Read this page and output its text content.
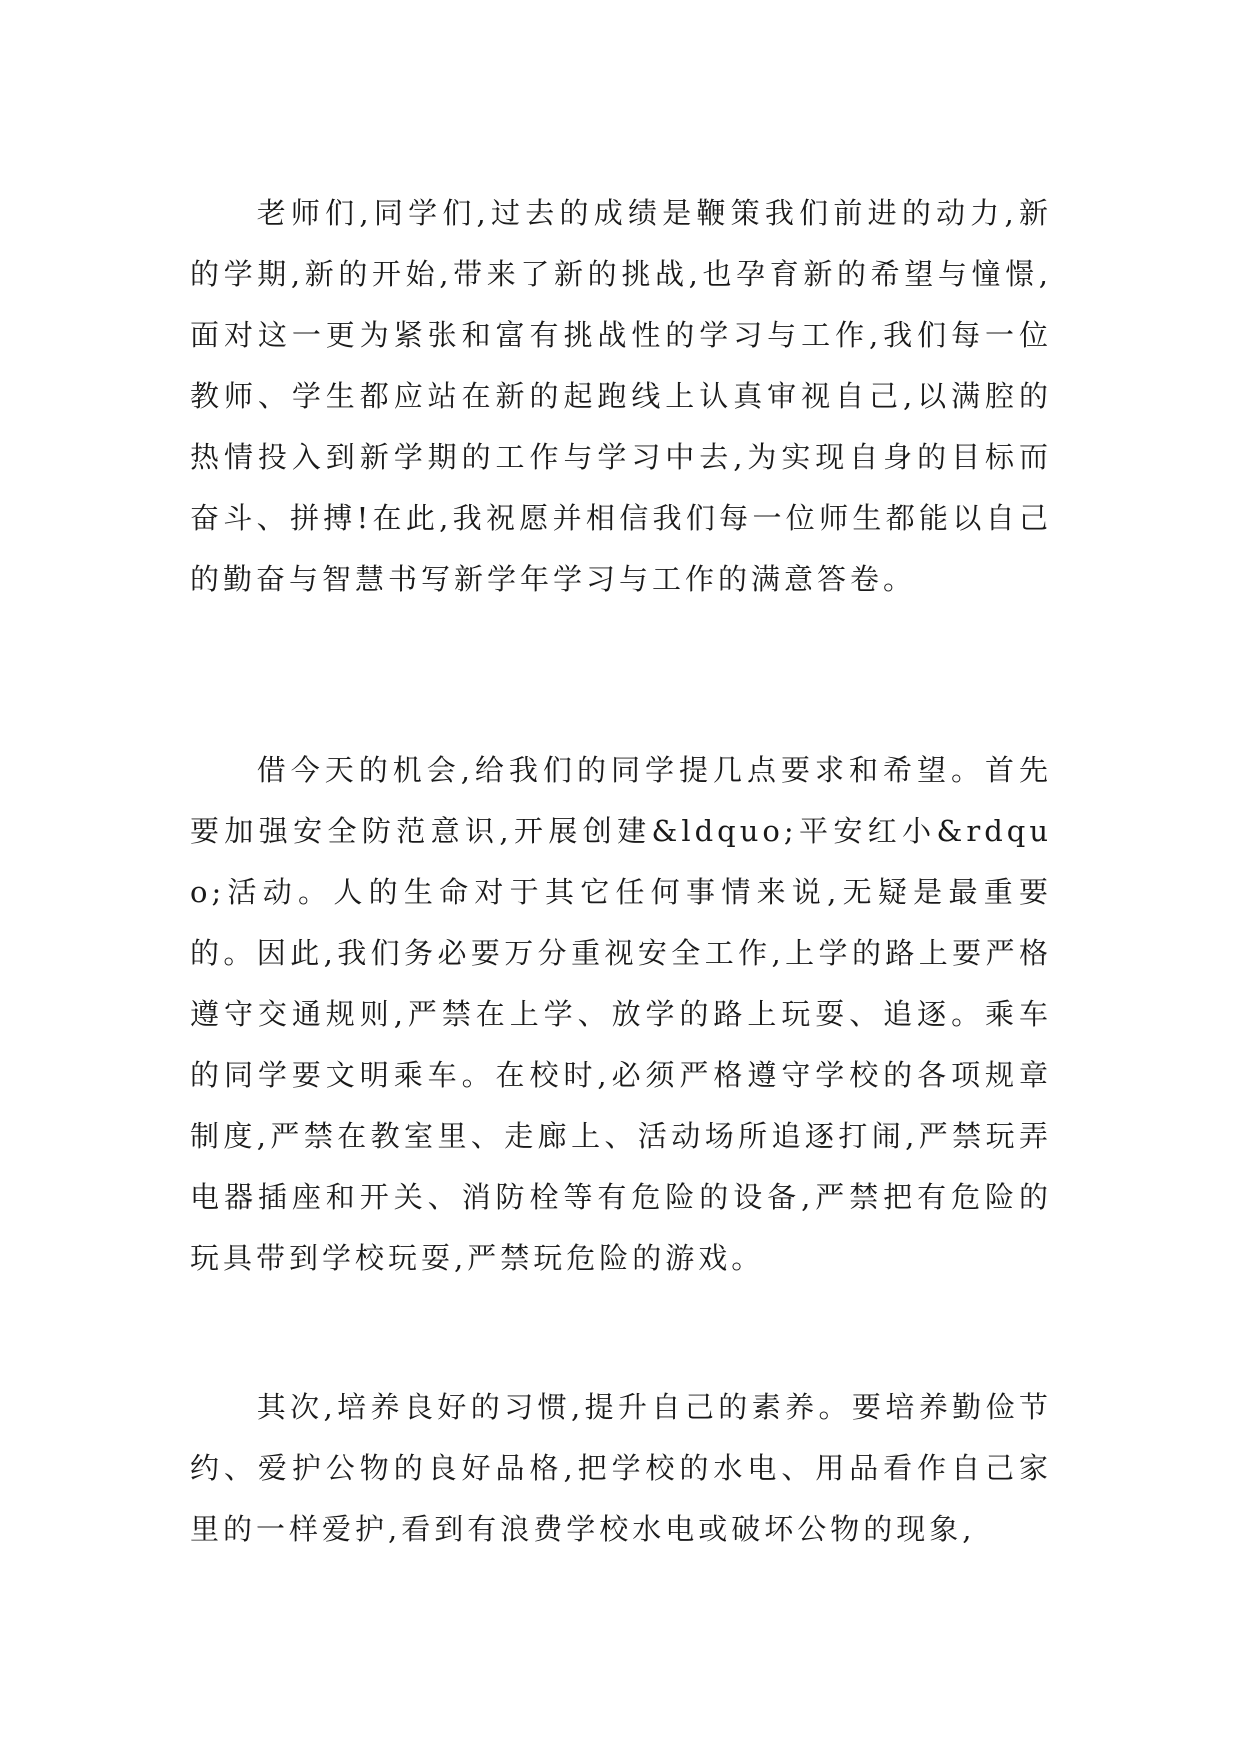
老师们,同学们,过去的成绩是鞭策我们前进的动力,新的学期,新的开始,带来了新的挑战,也孕育新的希望与憧憬,面对这一更为紧张和富有挑战性的学习与工作,我们每一位教师、学生都应站在新的起跑线上认真审视自己,以满腔的热情投入到新学期的工作与学习中去,为实现自身的目标而奋斗、拼搏!在此,我祝愿并相信我们每一位师生都能以自己的勤奋与智慧书写新学年学习与工作的满意答卷。

借今天的机会,给我们的同学提几点要求和希望。首先要加强安全防范意识,开展创建&ldquo;平安红小&rdquo;活动。人的生命对于其它任何事情来说,无疑是最重要的。因此,我们务必要万分重视安全工作,上学的路上要严格遵守交通规则,严禁在上学、放学的路上玩耍、追逐。乘车的同学要文明乘车。在校时,必须严格遵守学校的各项规章制度,严禁在教室里、走廊上、活动场所追逐打闹,严禁玩弄电器插座和开关、消防栓等有危险的设备,严禁把有危险的玩具带到学校玩耍,严禁玩危险的游戏。

其次,培养良好的习惯,提升自己的素养。要培养勤俭节约、爱护公物的良好品格,把学校的水电、用品看作自己家里的一样爱护,看到有浪费学校水电或破坏公物的现象,
